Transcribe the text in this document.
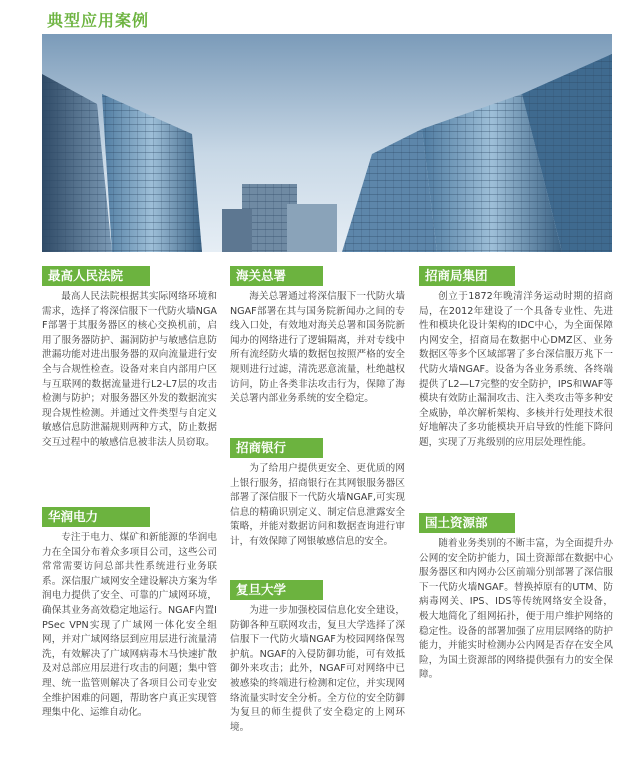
典型应用案例
最高人民法院

最高人民法院根据其实际网络环境和需求，选择了将深信服下一代防火墙NGAF部署于其服务器区的核心交换机前，启用了服务器防护、漏洞防护与敏感信息防泄漏功能对进出服务器的双向流量进行安全与合规性检查。设备对来自内部用户区与互联网的数据流量进行L2-L7层的攻击检测与防护；对服务器区外发的数据流实现合规性检测。并通过文件类型与自定义敏感信息防泄漏规则两种方式，防止数据交互过程中的敏感信息被非法人员窃取。

华润电力

专注于电力、煤矿和新能源的华润电力在全国分布着众多项目公司，这些公司常常需要访问总部共性系统进行业务联系。深信服广域网安全建设解决方案为华润电力提供了安全、可靠的广域网环境，确保其业务高效稳定地运行。NGAF内置IPSec VPN实现了广域网一体化安全组网，并对广域网络层到应用层进行流量清洗，有效解决了广域网病毒木马快速扩散及对总部应用层进行攻击的问题；集中管理、统一监管则解决了各项目公司专业安全维护困难的问题，帮助客户真正实现管理集中化、运维自动化。

海关总署

海关总署通过将深信服下一代防火墙NGAF部署在其与国务院新闻办之间的专线入口处，有效地对海关总署和国务院新闻办的网络进行了逻辑隔离，并对专线中所有流经防火墙的数据包按照严格的安全规则进行过滤，清洗恶意流量，杜绝越权访问，防止各类非法攻击行为，保障了海关总署内部业务系统的安全稳定。

招商银行

为了给用户提供更安全、更优质的网上银行服务，招商银行在其网银服务器区部署了深信服下一代防火墙NGAF,可实现信息的精确识别定义、制定信息泄露安全策略，并能对数据访问和数据查询进行审计，有效保障了网银敏感信息的安全。

复旦大学

为进一步加强校园信息化安全建设，防御各种互联网攻击，复旦大学选择了深信服下一代防火墙NGAF为校园网络保驾护航。NGAF的入侵防御功能，可有效抵御外来攻击；此外，NGAF可对网络中已被感染的终端进行检测和定位，并实现网络流量实时安全分析。全方位的安全防御为复旦的师生提供了安全稳定的上网环境。

招商局集团

创立于1872年晚清洋务运动时期的招商局，在2012年建设了一个具备专业性、先进性和模块化设计架构的IDC中心，为全面保障内网安全，招商局在数据中心DMZ区、业务数据区等多个区域部署了多台深信服万兆下一代防火墙NGAF。设备为各业务系统、各终端提供了L2—L7完整的安全防护，IPS和WAF等模块有效防止漏洞攻击、注入类攻击等多种安全威胁，单次解析架构、多核并行处理技术很好地解决了多功能模块开启导致的性能下降问题，实现了万兆级别的应用层处理性能。

国土资源部

随着业务类别的不断丰富，为全面提升办公网的安全防护能力，国土资源部在数据中心服务器区和内网办公区前端分别部署了深信服下一代防火墙NGAF。替换掉原有的UTM、防病毒网关、IPS、IDS等传统网络安全设备，极大地简化了组网拓扑，便于用户维护网络的稳定性。设备的部署加强了应用层网络的防护能力，并能实时检测办公内网是否存在安全风险，为国土资源部的网络提供强有力的安全保障。
